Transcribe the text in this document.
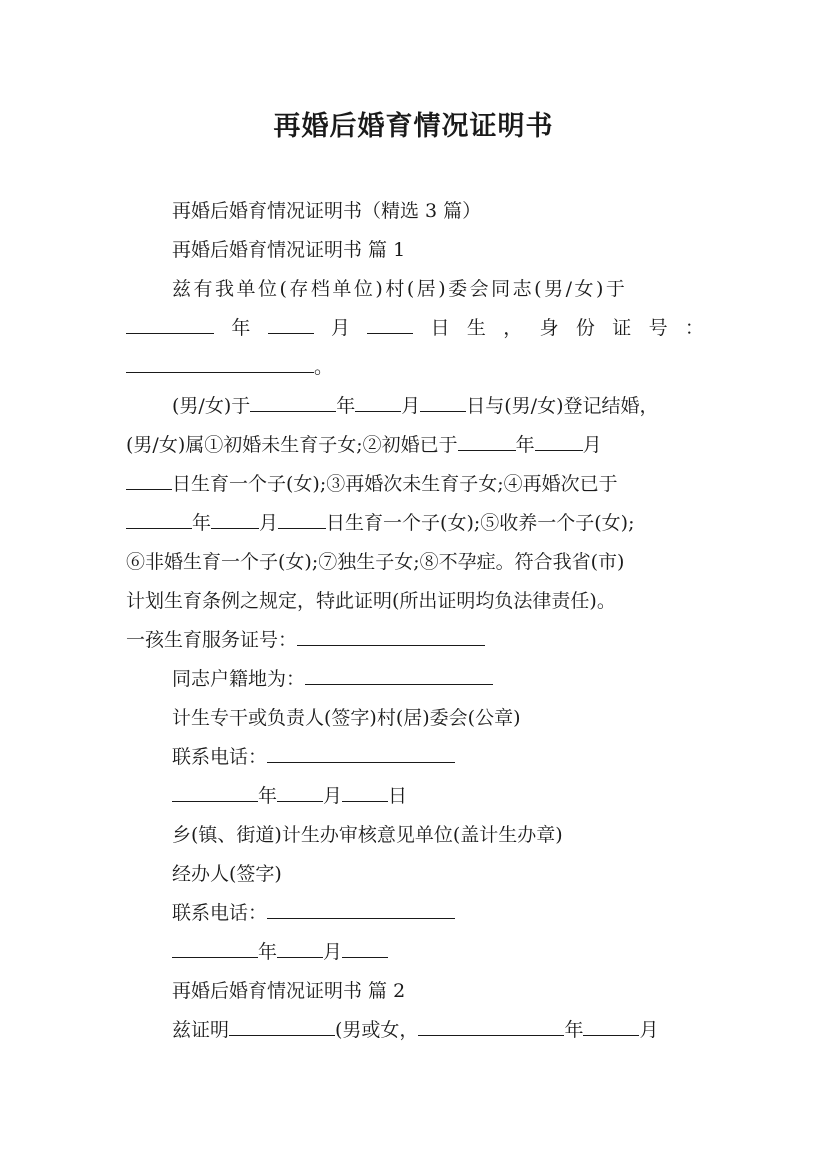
再婚后婚育情况证明书
再婚后婚育情况证明书（精选 3 篇）
再婚后婚育情况证明书 篇 1
兹有我单位(存档单位)村(居)委会同志(男/女)于
年	月	日 生 ， 身 份 证 号 ：
。
(男/女)于	年 月 日与(男/女)登记结婚，
(男/女)属①初婚未生育子女;②初婚已于	年	月
日生育一个子(女);③再婚次未生育子女;④再婚次已于
年	月	日生育一个子(女);⑤收养一个子(女);
⑥非婚生育一个子(女);⑦独生子女;⑧不孕症。符合我省(市)
计划生育条例之规定，特此证明(所出证明均负法律责任)。
一孩生育服务证号：
同志户籍地为：
计生专干或负责人(签字)村(居)委会(公章)
联系电话：
年 月 日
乡(镇、街道)计生办审核意见单位(盖计生办章)
经办人(签字)
联系电话：
年 月
再婚后婚育情况证明书 篇 2
兹证明	(男或女，	年	月
